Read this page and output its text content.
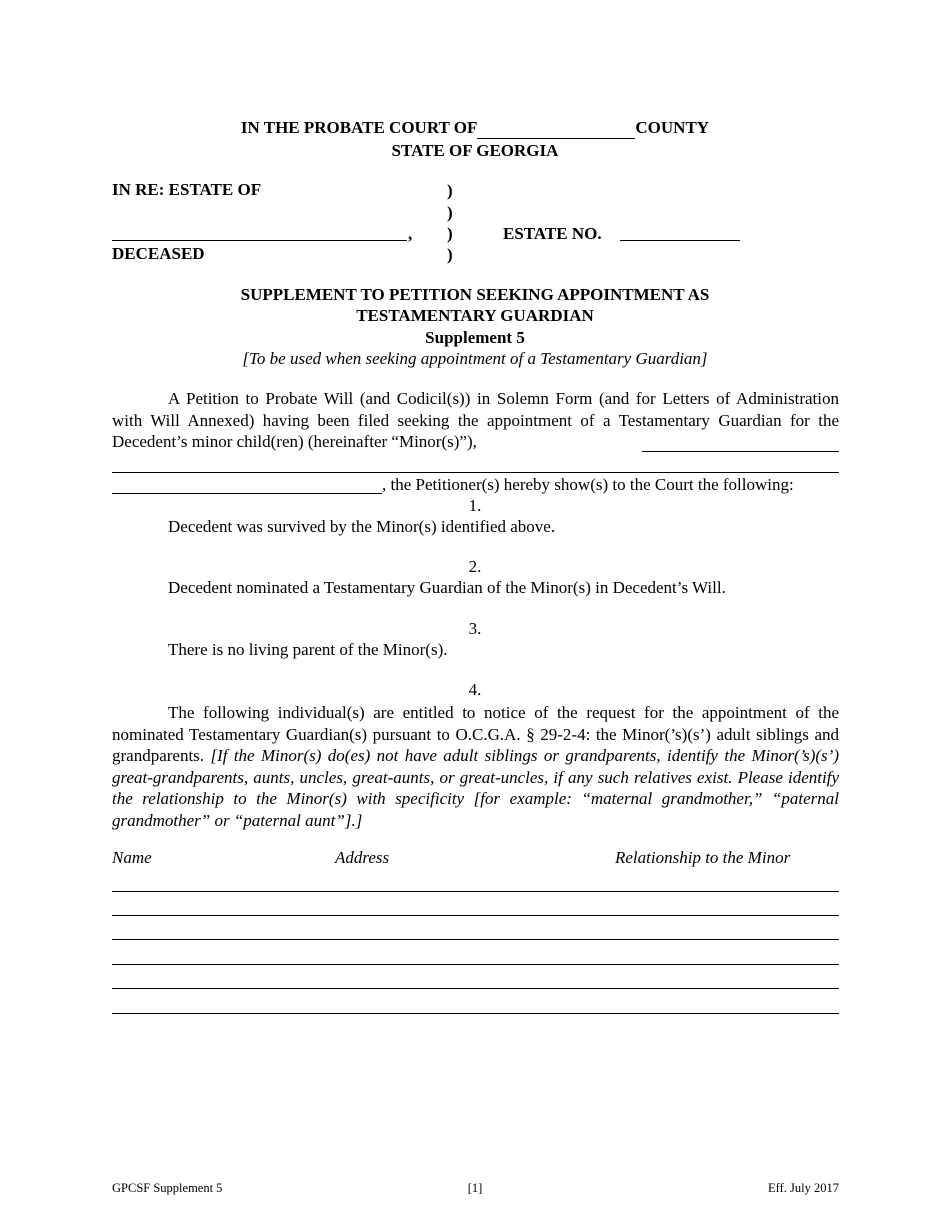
IN THE PROBATE COURT OF	COUNTY
STATE OF GEORGIA
IN RE: ESTATE OF	)
)
)
)
,	ESTATE NO.
DECEASED
SUPPLEMENT TO PETITION SEEKING APPOINTMENT AS
TESTAMENTARY GUARDIAN
Supplement 5
[To be used when seeking appointment of a Testamentary Guardian]
A Petition to Probate Will (and Codicil(s)) in Solemn Form (and for Letters of Administration with Will Annexed) having been filed seeking the appointment of a Testamentary Guardian for the Decedent’s minor child(ren) (hereinafter “Minor(s)”),
, the Petitioner(s) hereby show(s) to the Court the following:
1.
Decedent was survived by the Minor(s) identified above.
2.
Decedent nominated a Testamentary Guardian of the Minor(s) in Decedent’s Will.
3.
There is no living parent of the Minor(s).
4.
The following individual(s) are entitled to notice of the request for the appointment of the nominated Testamentary Guardian(s) pursuant to O.C.G.A. § 29-2-4: the Minor(’s)(s’) adult siblings and grandparents. [If the Minor(s) do(es) not have adult siblings or grandparents, identify the Minor(’s)(s’) great-grandparents, aunts, uncles, great-aunts, or great-uncles, if any such relatives exist. Please identify the relationship to the Minor(s) with specificity [for example: “maternal grandmother,” “paternal grandmother” or “paternal aunt”].]
Name	Address	Relationship to the Minor
GPCSF Supplement 5	[1]	Eff. July 2017
